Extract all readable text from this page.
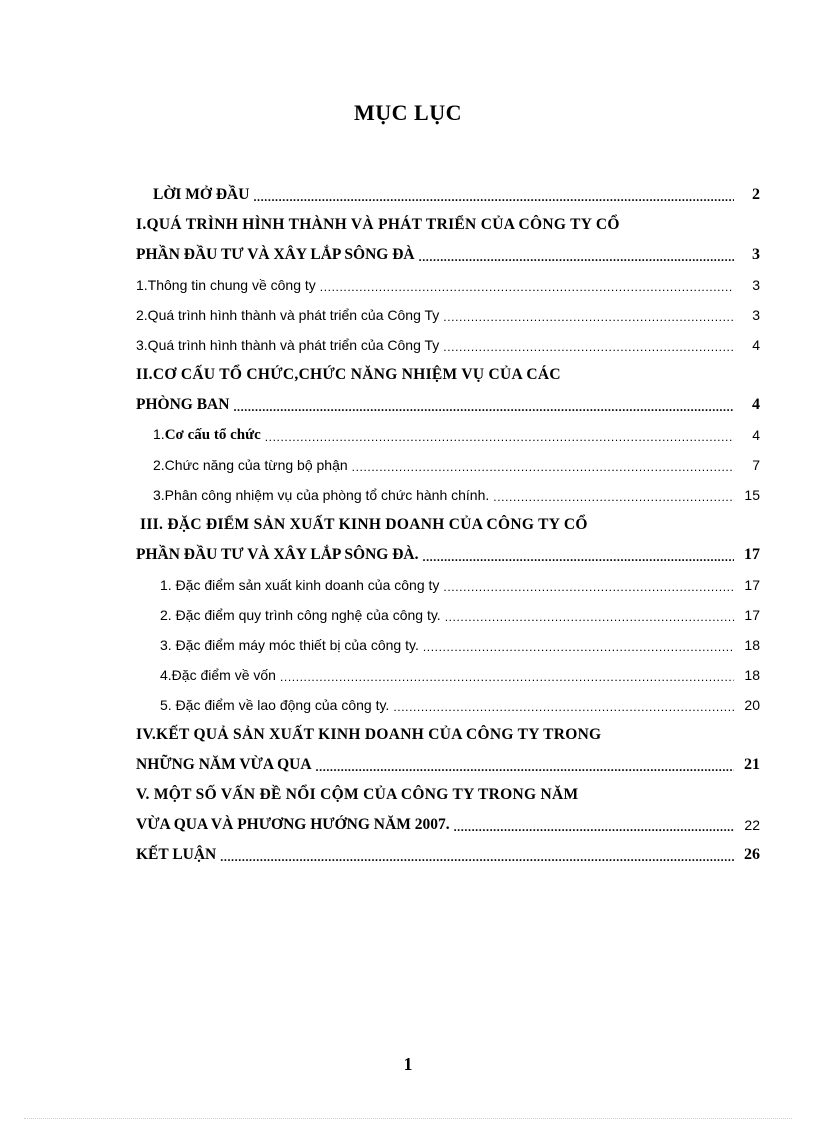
MỤC LỤC
LỜI MỞ ĐẦU .....	2
I.QUÁ TRÌNH HÌNH THÀNH VÀ PHÁT TRIỂN CỦA CÔNG TY CỔ
PHẦN ĐẦU TƯ VÀ XÂY LẮP SÔNG ĐÀ .....	3
1.Thông tin chung về công ty .....	3
2.Quá trình hình thành và phát triển của Công Ty .....	3
3.Quá trình hình thành và phát triển của Công Ty .....	4
II.CƠ CẤU TỔ CHỨC,CHỨC NĂNG NHIỆM VỤ CỦA CÁC
PHÒNG BAN .....	4
1.Cơ cấu tổ chức .....	4
2.Chức năng của từng bộ phận .....	7
3.Phân công nhiệm vụ của phòng tổ chức hành chính. .....	15
III. ĐẶC ĐIỂM SẢN XUẤT KINH DOANH CỦA CÔNG TY CỔ
PHẦN ĐẦU TƯ VÀ XÂY LẮP SÔNG ĐÀ. .....	17
1. Đặc điểm sản xuất kinh doanh của công ty .....	17
2. Đặc điểm quy trình công nghệ của công ty. .....	17
3. Đặc điểm máy móc thiết bị của công ty. .....	18
4.Đặc điểm về vốn .....	18
5. Đặc điểm về lao động của công ty. .....	20
IV.KẾT QUẢ SẢN XUẤT KINH DOANH CỦA CÔNG TY TRONG
NHỮNG NĂM VỪA QUA .....	21
V. MỘT SỐ VẤN ĐỀ NỔI CỘM CỦA CÔNG TY TRONG NĂM
VỪA QUA VÀ PHƯƠNG HƯỚNG NĂM 2007. .....	22
KẾT LUẬN .....	26
1
